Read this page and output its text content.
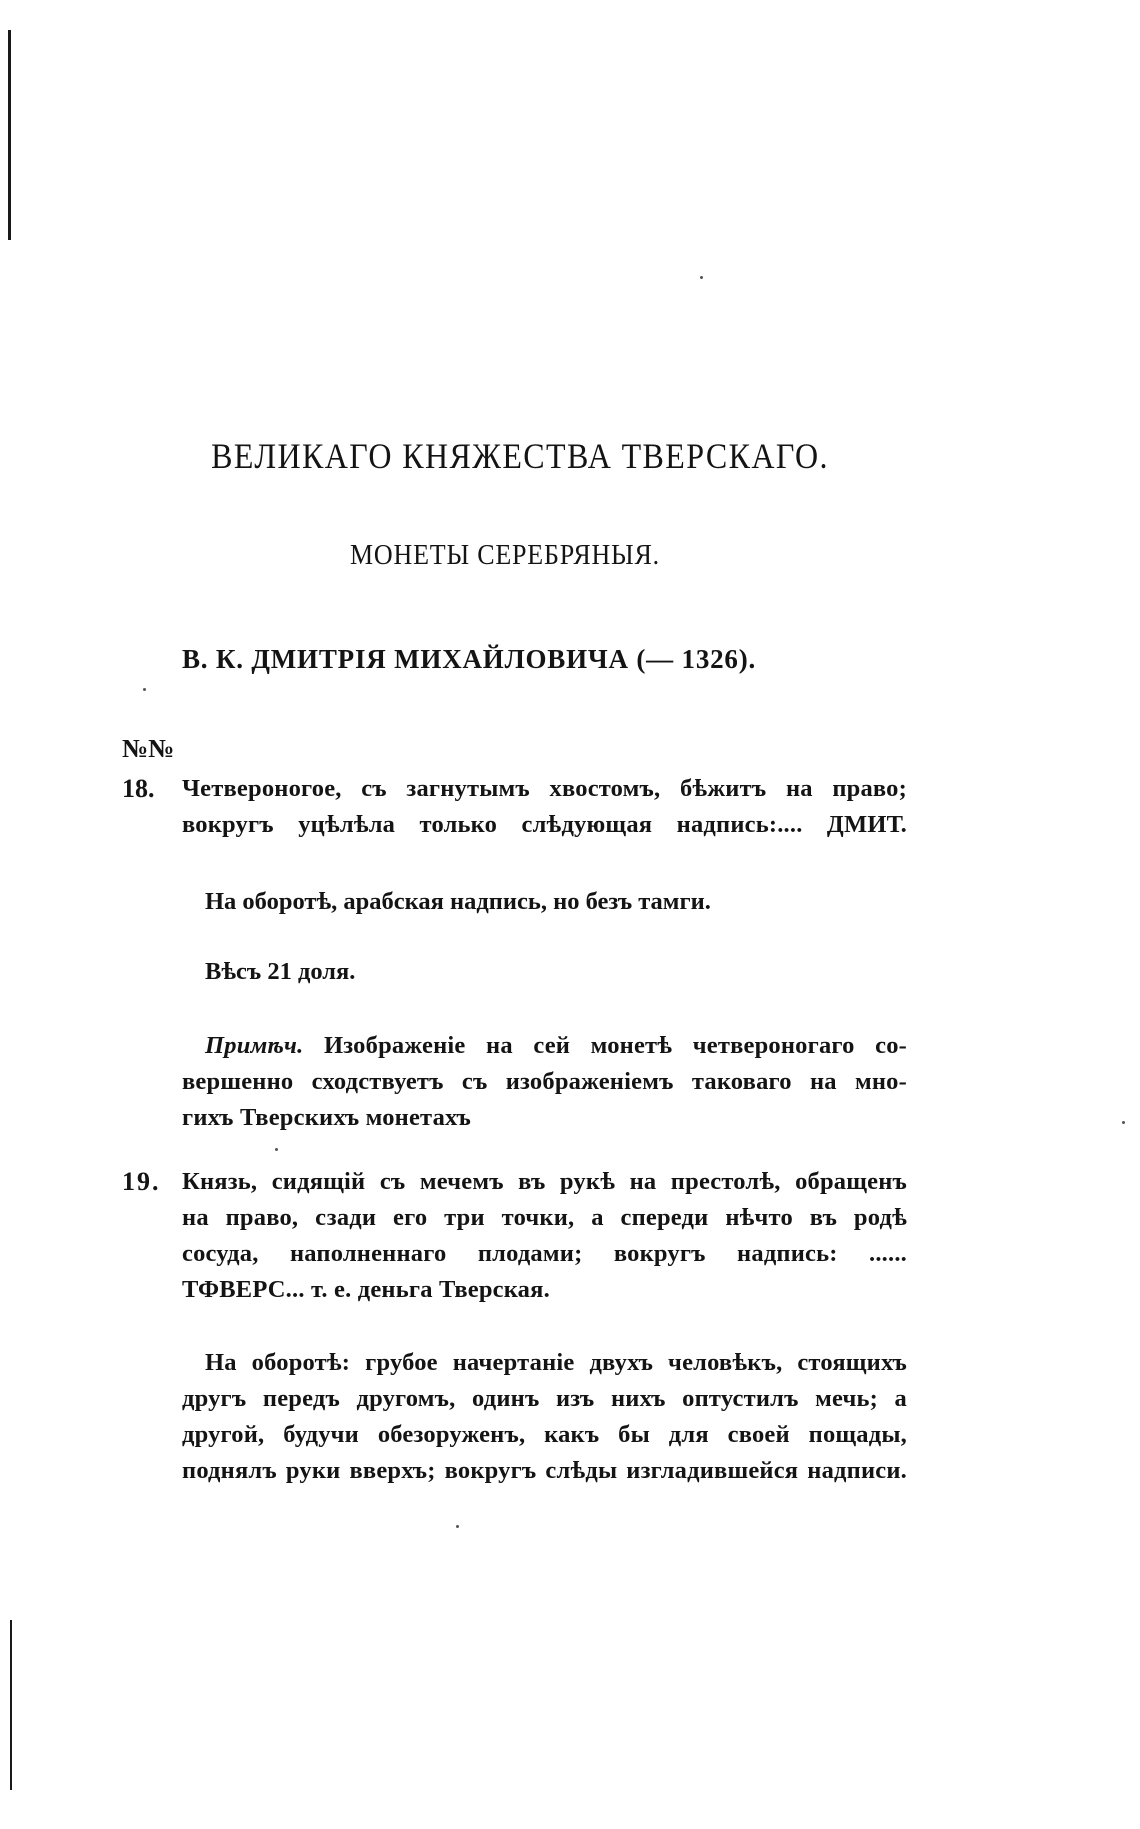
ВЕЛИКАГО КНЯЖЕСТВА ТВЕРСКАГО.
МОНЕТЫ СЕРЕБРЯНЫЯ.
В. К. ДМИТРІЯ МИХАЙЛОВИЧА (— 1326).
№№
18. Четвероногое, съ загнутымъ хвостомъ, бѣжитъ на право;
вокругъ уцѣлѣла только слѣдующая надпись:.... ДМИТ.
На оборотѣ, арабская надпись, но безъ тамги.
Вѣсъ 21 доля.
Примѣч. Изображеніе на сей монетѣ четвероногаго со-
вершенно сходствуетъ съ изображеніемъ таковаго на мно-
гихъ Тверскихъ монетахъ
19. Князь, сидящій съ мечемъ въ рукѣ на престолѣ, обращенъ
на право, сзади его три точки, а спереди нѣчто въ родѣ
сосуда, наполненнаго плодами; вокругъ надпись: ......
ТФВЕРС... т. е. деньга Тверская.
На оборотѣ: грубое начертаніе двухъ человѣкъ, стоящихъ
другъ передъ другомъ, одинъ изъ нихъ оптустилъ мечь; а
другой, будучи обезоруженъ, какъ бы для своей пощады,
поднялъ руки вверхъ; вокругъ слѣды изгладившейся надписи.
